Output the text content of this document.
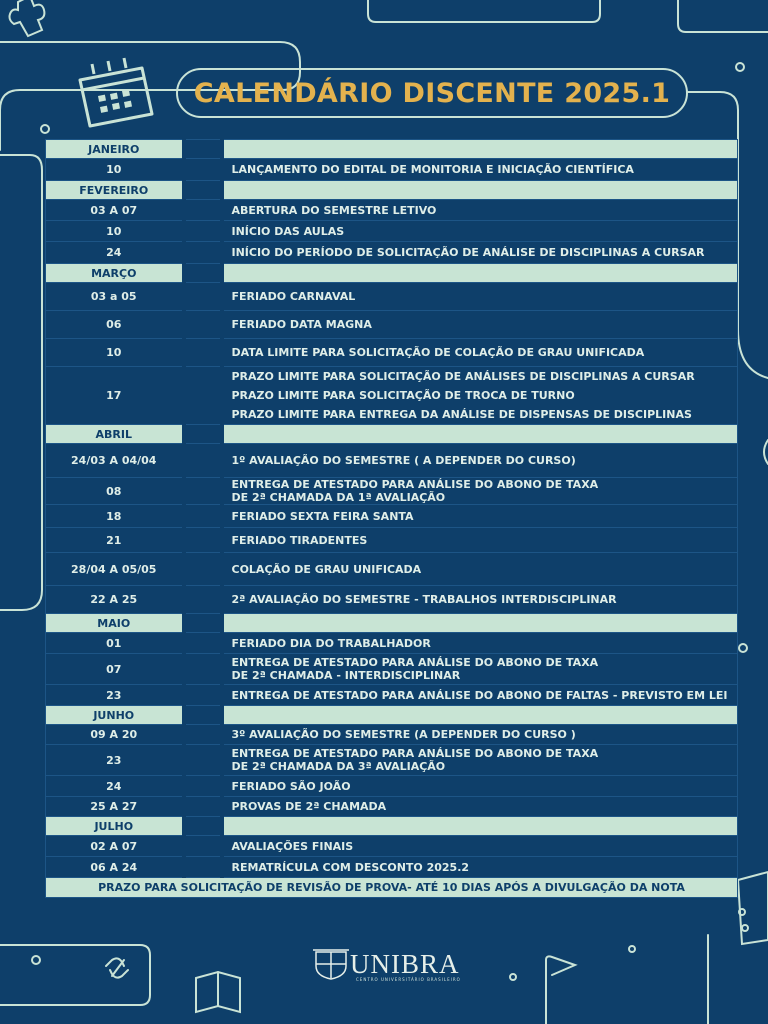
CALENDÁRIO DISCENTE 2025.1
JANEIRO		
10		LANÇAMENTO DO EDITAL DE MONITORIA E INICIAÇÃO CIENTÍFICA

FEVEREIRO		
03 A 07		ABERTURA DO SEMESTRE LETIVO

10		INÍCIO DAS AULAS

24		INÍCIO DO PERÍODO DE SOLICITAÇÃO DE ANÁLISE DE DISCIPLINAS A CURSAR

MARÇO		
03 a 05		FERIADO CARNAVAL

06		FERIADO DATA MAGNA

10		DATA LIMITE PARA SOLICITAÇÃO DE COLAÇÃO DE GRAU UNIFICADA

17		PRAZO LIMITE PARA SOLICITAÇÃO DE ANÁLISES DE DISCIPLINAS A CURSAR
PRAZO LIMITE PARA SOLICITAÇÃO DE TROCA DE TURNO
PRAZO LIMITE PARA ENTREGA DA ANÁLISE DE DISPENSAS DE DISCIPLINAS

ABRIL		
24/03 A 04/04		1º AVALIAÇÃO DO SEMESTRE ( A DEPENDER DO CURSO)

08		ENTREGA DE ATESTADO PARA ANÁLISE DO ABONO DE TAXA
DE 2ª CHAMADA DA 1ª AVALIAÇÃO

18		FERIADO SEXTA FEIRA SANTA

21		FERIADO TIRADENTES

28/04 A 05/05		COLAÇÃO DE GRAU UNIFICADA

22 A 25		2ª AVALIAÇÃO DO SEMESTRE - TRABALHOS INTERDISCIPLINAR

MAIO		
01		FERIADO DIA DO TRABALHADOR

07		ENTREGA DE ATESTADO PARA ANÁLISE DO ABONO DE TAXA
DE 2ª CHAMADA - INTERDISCIPLINAR

23		ENTREGA DE ATESTADO PARA ANÁLISE DO ABONO DE FALTAS - PREVISTO EM LEI

JUNHO		
09 A 20		3º AVALIAÇÃO DO SEMESTRE (A DEPENDER DO CURSO )

23		ENTREGA DE ATESTADO PARA ANÁLISE DO ABONO DE TAXA
DE 2ª CHAMADA DA 3ª AVALIAÇÃO

24		FERIADO SÃO JOÃO

25 A 27		PROVAS DE 2ª CHAMADA

JULHO		
02 A 07		AVALIAÇÕES FINAIS

06 A 24		REMATRÍCULA COM DESCONTO 2025.2

PRAZO PARA SOLICITAÇÃO DE REVISÃO DE PROVA- ATÉ 10 DIAS APÓS A DIVULGAÇÃO DA NOTA		
UNIBRA
CENTRO UNIVERSITÁRIO BRASILEIRO
